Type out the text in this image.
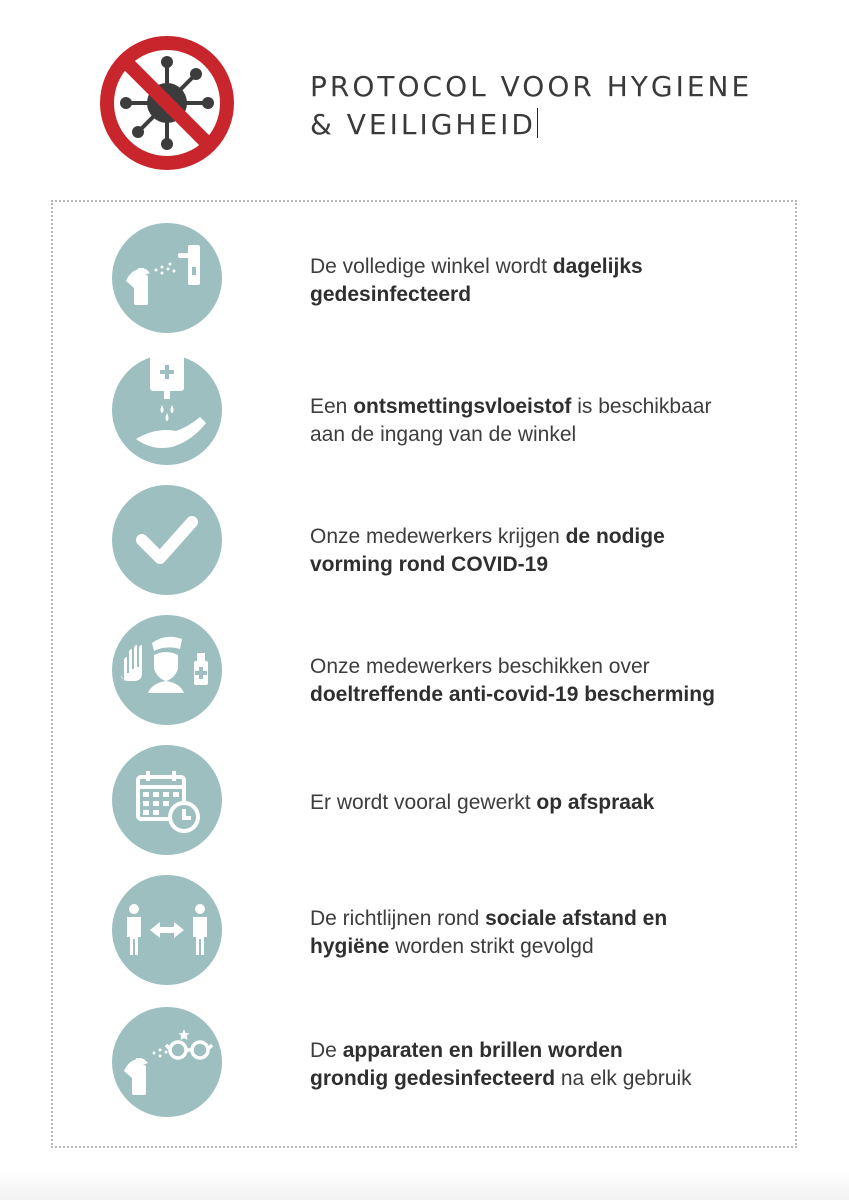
PROTOCOL VOOR HYGIENE
& VEILIGHEID
De volledige winkel wordt dagelijks
gedesinfecteerd
Een ontsmettingsvloeistof is beschikbaar
aan de ingang van de winkel
Onze medewerkers krijgen de nodige
vorming rond COVID-19
Onze medewerkers beschikken over
doeltreffende anti-covid-19 bescherming
Er wordt vooral gewerkt op afspraak
De richtlijnen rond sociale afstand en
hygiëne worden strikt gevolgd
De apparaten en brillen worden
grondig gedesinfecteerd na elk gebruik
